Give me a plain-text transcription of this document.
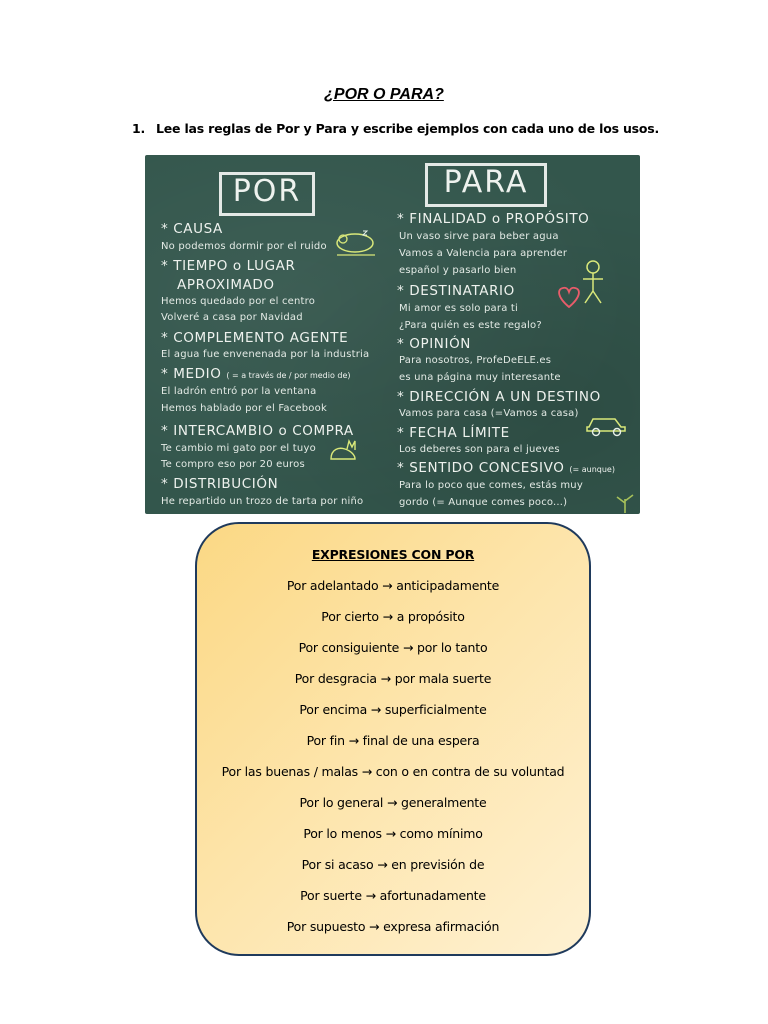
¿POR O PARA?
1. Lee las reglas de Por y Para y escribe ejemplos con cada uno de los usos.
POR
* CAUSA
No podemos dormir por el ruido
* TIEMPO o LUGAR
APROXIMADO
Hemos quedado por el centro
Volveré a casa por Navidad
* COMPLEMENTO AGENTE
El agua fue envenenada por la industria
* MEDIO ( = a través de / por medio de)
El ladrón entró por la ventana
Hemos hablado por el Facebook
* INTERCAMBIO o COMPRA
Te cambio mi gato por el tuyo
Te compro eso por 20 euros
* DISTRIBUCIÓN
He repartido un trozo de tarta por niño
PARA
* FINALIDAD o PROPÓSITO
Un vaso sirve para beber agua
Vamos a Valencia para aprender
español y pasarlo bien
* DESTINATARIO
Mi amor es solo para ti
¿Para quién es este regalo?
* OPINIÓN
Para nosotros, ProfeDeELE.es
es una página muy interesante
* DIRECCIÓN A UN DESTINO
Vamos para casa (=Vamos a casa)
* FECHA LÍMITE
Los deberes son para el jueves
* SENTIDO CONCESIVO (= aunque)
Para lo poco que comes, estás muy
gordo (= Aunque comes poco...)
EXPRESIONES CON POR
Por adelantado → anticipadamente
Por cierto → a propósito
Por consiguiente → por lo tanto
Por desgracia → por mala suerte
Por encima → superficialmente
Por fin → final de una espera
Por las buenas / malas → con o en contra de su voluntad
Por lo general → generalmente
Por lo menos → como mínimo
Por si acaso → en previsión de
Por suerte → afortunadamente
Por supuesto → expresa afirmación
